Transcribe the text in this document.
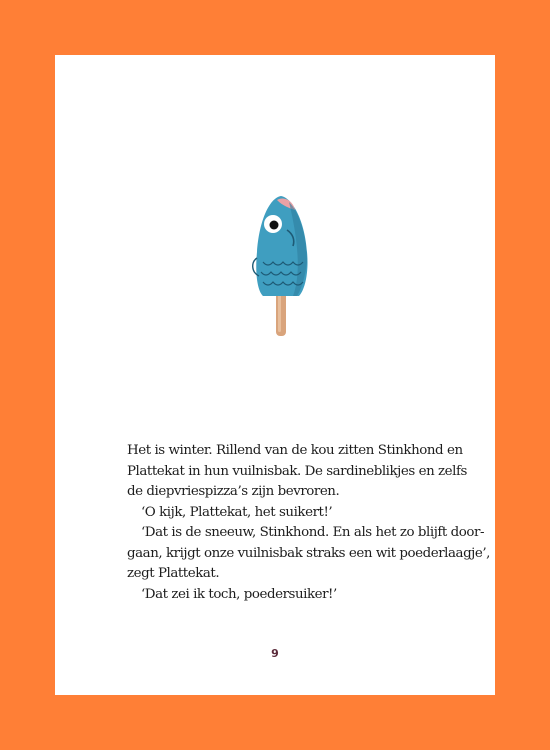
Het is winter. Rillend van de kou zitten Stinkhond en
Plattekat in hun vuilnisbak. De sardineblikjes en zelfs
de diepvriespizza’s zijn bevroren.
‘O kijk, Plattekat, het suikert!’
‘Dat is de sneeuw, Stinkhond. En als het zo blijft door-
gaan, krijgt onze vuilnisbak straks een wit poederlaagje’,
zegt Plattekat.
‘Dat zei ik toch, poedersuiker!’
9
